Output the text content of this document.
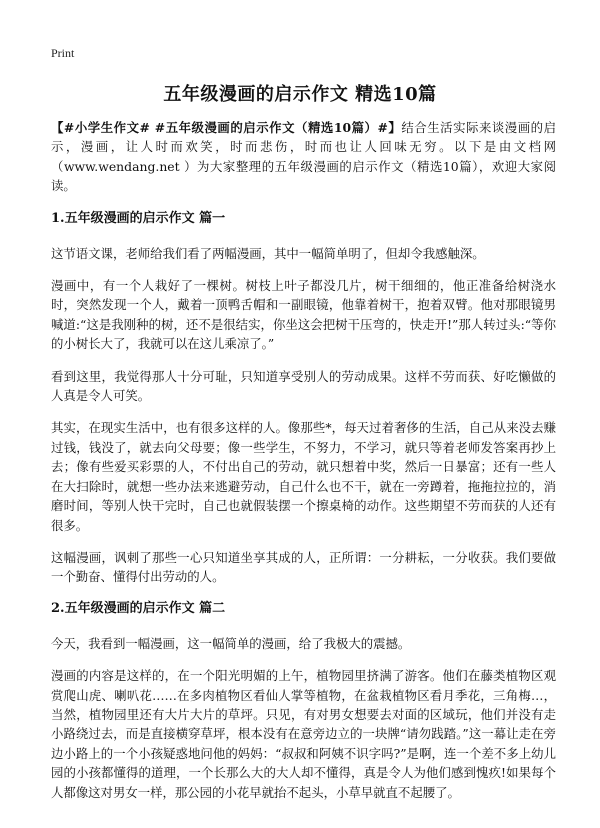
Print
五年级漫画的启示作文 精选10篇

【#小学生作文# #五年级漫画的启示作文（精选10篇）#】结合生活实际来谈漫画的启示，漫画，让人时而欢笑，时而悲伤，时而也让人回味无穷。以下是由文档网（www.wendang.net ）为大家整理的五年级漫画的启示作文（精选10篇），欢迎大家阅读。

1.五年级漫画的启示作文 篇一

这节语文课，老师给我们看了两幅漫画，其中一幅简单明了，但却令我感触深。

漫画中，有一个人栽好了一棵树。树枝上叶子都没几片，树干细细的，他正准备给树浇水时，突然发现一个人，戴着一顶鸭舌帽和一副眼镜，他靠着树干，抱着双臂。他对那眼镜男喊道:“这是我刚种的树，还不是很结实，你坐这会把树干压弯的，快走开!”那人转过头:“等你的小树长大了，我就可以在这儿乘凉了。”

看到这里，我觉得那人十分可耻，只知道享受别人的劳动成果。这样不劳而获、好吃懒做的人真是令人可笑。

其实，在现实生活中，也有很多这样的人。像那些*，每天过着奢侈的生活，自己从来没去赚过钱，钱没了，就去向父母要；像一些学生，不努力，不学习，就只等着老师发答案再抄上去；像有些爱买彩票的人，不付出自己的劳动，就只想着中奖，然后一日暴富；还有一些人在大扫除时，就想一些办法来逃避劳动，自己什么也不干，就在一旁蹲着，拖拖拉拉的，消磨时间，等别人快干完时，自己也就假装摆一个擦桌椅的动作。这些期望不劳而获的人还有很多。

这幅漫画，讽刺了那些一心只知道坐享其成的人，正所谓：一分耕耘，一分收获。我们要做一个勤奋、懂得付出劳动的人。

2.五年级漫画的启示作文 篇二

今天，我看到一幅漫画，这一幅简单的漫画，给了我极大的震撼。

漫画的内容是这样的，在一个阳光明媚的上午，植物园里挤满了游客。他们在藤类植物区观赏爬山虎、喇叭花……在多肉植物区看仙人掌等植物，在盆栽植物区看月季花，三角梅…，当然，植物园里还有大片大片的草坪。只见，有对男女想要去对面的区域玩，他们并没有走小路绕过去，而是直接横穿草坪，根本没有在意旁边立的一块牌“请勿践踏。”这一幕让走在旁边小路上的一个小孩疑惑地问他的妈妈：“叔叔和阿姨不识字吗?”是啊，连一个差不多上幼儿园的小孩都懂得的道理，一个长那么大的大人却不懂得，真是令人为他们感到愧疚!如果每个人都像这对男女一样，那公园的小花早就抬不起头，小草早就直不起腰了。
